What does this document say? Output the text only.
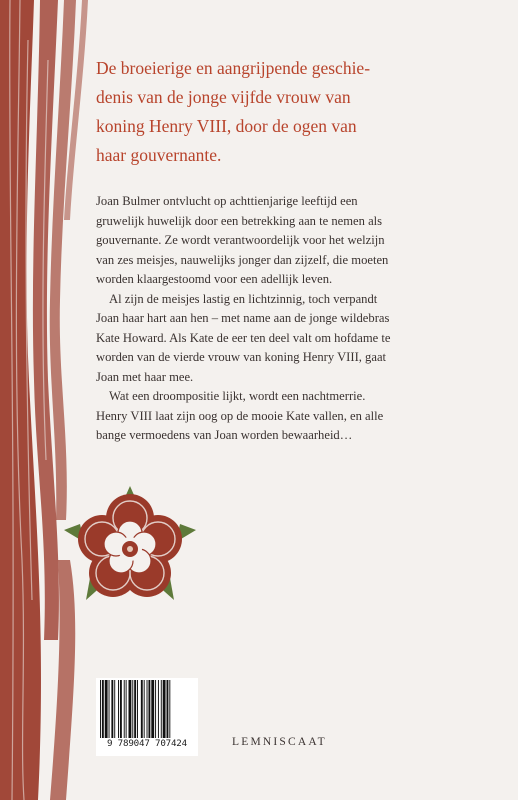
De broeierige en aangrijpende geschie-
denis van de jonge vijfde vrouw van
koning Henry VIII, door de ogen van
haar gouvernante.
Joan Bulmer ontvlucht op achttienjarige leeftijd een
gruwelijk huwelijk door een betrekking aan te nemen als
gouvernante. Ze wordt verantwoordelijk voor het welzijn
van zes meisjes, nauwelijks jonger dan zijzelf, die moeten
worden klaargestoomd voor een adellijk leven.
Al zijn de meisjes lastig en lichtzinnig, toch verpandt
Joan haar hart aan hen – met name aan de jonge wildebras
Kate Howard. Als Kate de eer ten deel valt om hofdame te
worden van de vierde vrouw van koning Henry VIII, gaat
Joan met haar mee.
Wat een droompositie lijkt, wordt een nachtmerrie.
Henry VIII laat zijn oog op de mooie Kate vallen, en alle
bange vermoedens van Joan worden bewaarheid…
9 789047 707424	LEMNISCAAT
